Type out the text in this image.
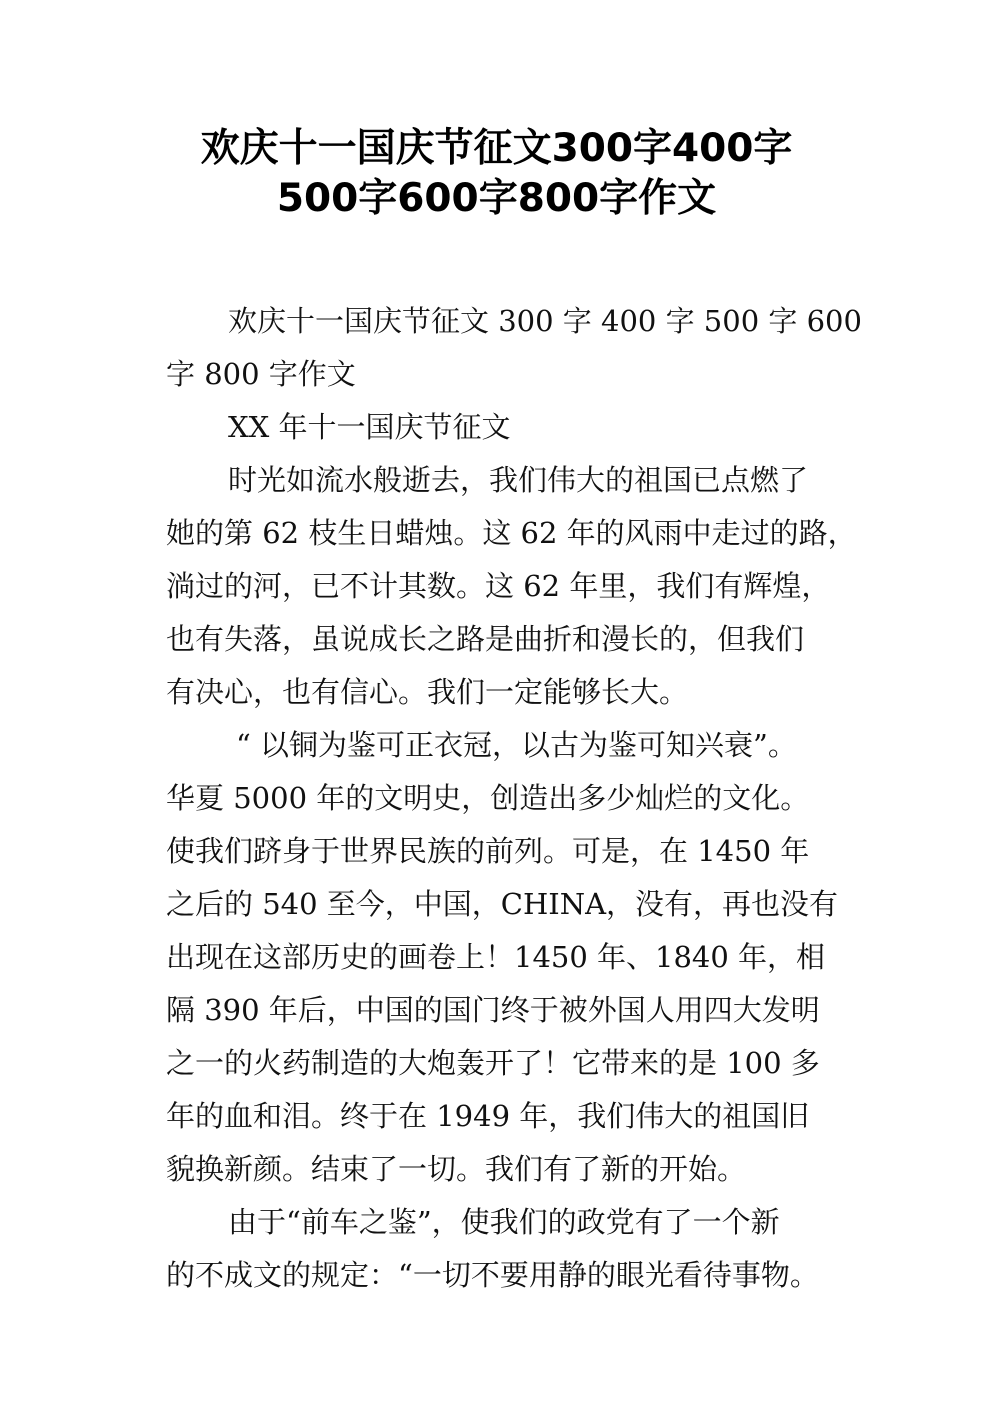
欢庆十一国庆节征文300字400字
500字600字800字作文
欢庆十一国庆节征文 300 字 400 字 500 字 600
字 800 字作文
XX 年十一国庆节征文
时光如流水般逝去，我们伟大的祖国已点燃了
她的第 62 枝生日蜡烛。这 62 年的风雨中走过的路，
淌过的河，已不计其数。这 62 年里，我们有辉煌，
也有失落，虽说成长之路是曲折和漫长的，但我们
有决心，也有信心。我们一定能够长大。
“ 以铜为鉴可正衣冠，以古为鉴可知兴衰”。
华夏 5000 年的文明史，创造出多少灿烂的文化。
使我们跻身于世界民族的前列。可是，在 1450 年
之后的 540 至今，中国，CHINA，没有，再也没有
出现在这部历史的画卷上！1450 年、1840 年，相
隔 390 年后，中国的国门终于被外国人用四大发明
之一的火药制造的大炮轰开了！它带来的是 100 多
年的血和泪。终于在 1949 年，我们伟大的祖国旧
貌换新颜。结束了一切。我们有了新的开始。
由于“前车之鉴”，使我们的政党有了一个新
的不成文的规定：“一切不要用静的眼光看待事物。
